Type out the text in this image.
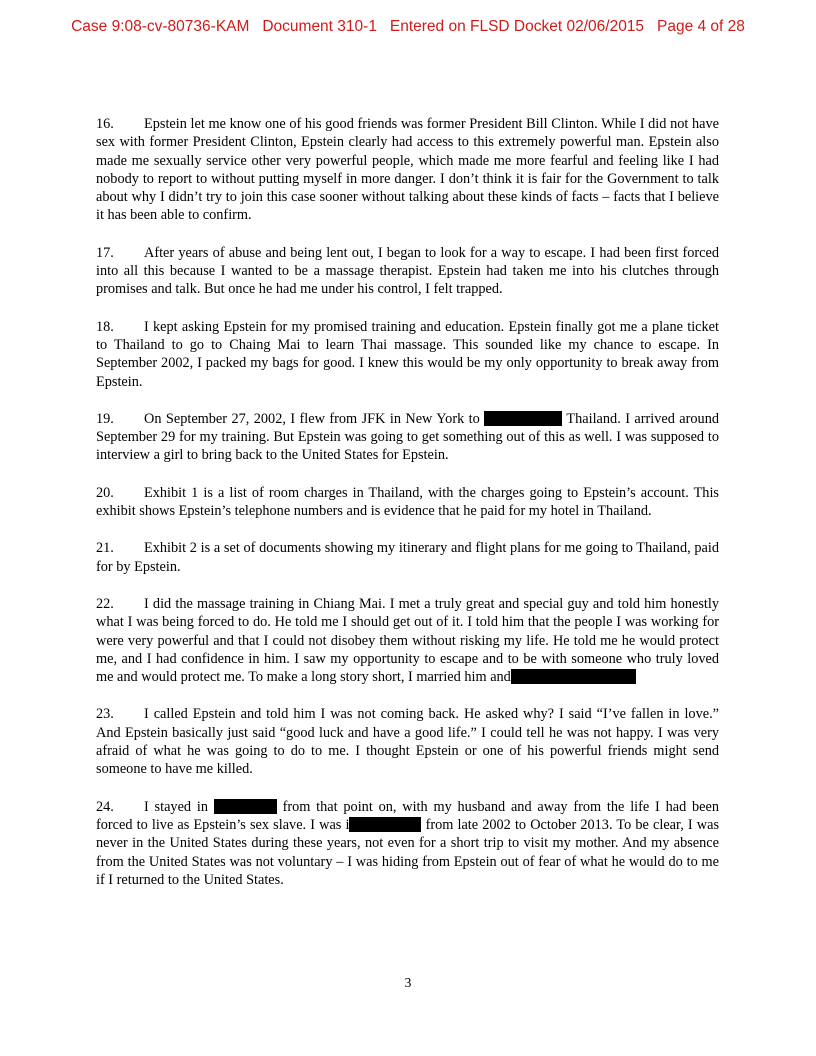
Case 9:08-cv-80736-KAM Document 310-1 Entered on FLSD Docket 02/06/2015 Page 4 of 28

16. Epstein let me know one of his good friends was former President Bill Clinton. While I did not have sex with former President Clinton, Epstein clearly had access to this extremely powerful man. Epstein also made me sexually service other very powerful people, which made me more fearful and feeling like I had nobody to report to without putting myself in more danger. I don’t think it is fair for the Government to talk about why I didn’t try to join this case sooner without talking about these kinds of facts – facts that I believe it has been able to confirm.

17. After years of abuse and being lent out, I began to look for a way to escape. I had been first forced into all this because I wanted to be a massage therapist. Epstein had taken me into his clutches through promises and talk. But once he had me under his control, I felt trapped.

18. I kept asking Epstein for my promised training and education. Epstein finally got me a plane ticket to Thailand to go to Chaing Mai to learn Thai massage. This sounded like my chance to escape. In September 2002, I packed my bags for good. I knew this would be my only opportunity to break away from Epstein.

19. On September 27, 2002, I flew from JFK in New York to	Thailand. I arrived around September 29 for my training. But Epstein was going to get something out of this as well. I was supposed to interview a girl to bring back to the United States for Epstein.

20. Exhibit 1 is a list of room charges in Thailand, with the charges going to Epstein’s account. This exhibit shows Epstein’s telephone numbers and is evidence that he paid for my hotel in Thailand.

21. Exhibit 2 is a set of documents showing my itinerary and flight plans for me going to Thailand, paid for by Epstein.

22. I did the massage training in Chiang Mai. I met a truly great and special guy and told him honestly what I was being forced to do. He told me I should get out of it. I told him that the people I was working for were very powerful and that I could not disobey them without risking my life. He told me he would protect me, and I had confidence in him. I saw my opportunity to escape and to be with someone who truly loved me and would protect me. To make a long story short, I married him and

23. I called Epstein and told him I was not coming back. He asked why? I said “I’ve fallen in love.” And Epstein basically just said “good luck and have a good life.” I could tell he was not happy. I was very afraid of what he was going to do to me. I thought Epstein or one of his powerful friends might send someone to have me killed.

24. I stayed in	from that point on, with my husband and away from the life I had been forced to live as Epstein’s sex slave. I was i	from late 2002 to October 2013. To be clear, I was never in the United States during these years, not even for a short trip to visit my mother. And my absence from the United States was not voluntary – I was hiding from Epstein out of fear of what he would do to me if I returned to the United States.

3
